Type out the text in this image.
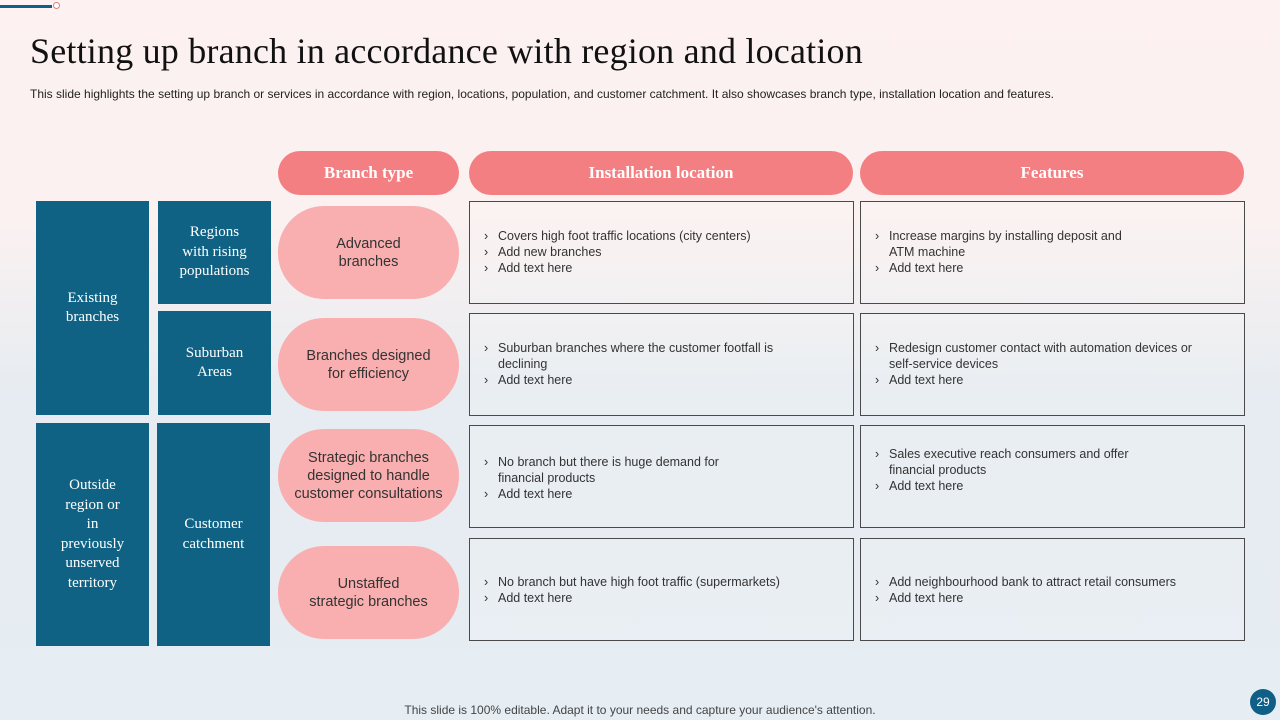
Setting up branch in accordance with region and location
This slide highlights the setting up branch or services in accordance with region, locations, population, and customer catchment. It also showcases branch type, installation location and features.
Branch type	Installation location	Features
Existing
branches
Outside
region or
in
previously
unserved
territory
Regions
with rising
populations
Suburban
Areas
Customer
catchment
Advanced
branches
› Covers high foot traffic locations (city centers)
› Add new branches
› Add text here
› Increase margins by installing deposit and ATM machine
› Add text here
Branches designed
for efficiency
› Suburban branches where the customer footfall is declining
› Add text here
› Redesign customer contact with automation devices or self-service devices
› Add text here
Strategic branches
designed to handle
customer consultations
› No branch but there is huge demand for financial products
› Add text here
› Sales executive reach consumers and offer financial products
› Add text here
Unstaffed
strategic branches
› No branch but have high foot traffic (supermarkets)
› Add text here
› Add neighbourhood bank to attract retail consumers
› Add text here
This slide is 100% editable. Adapt it to your needs and capture your audience's attention.
29
